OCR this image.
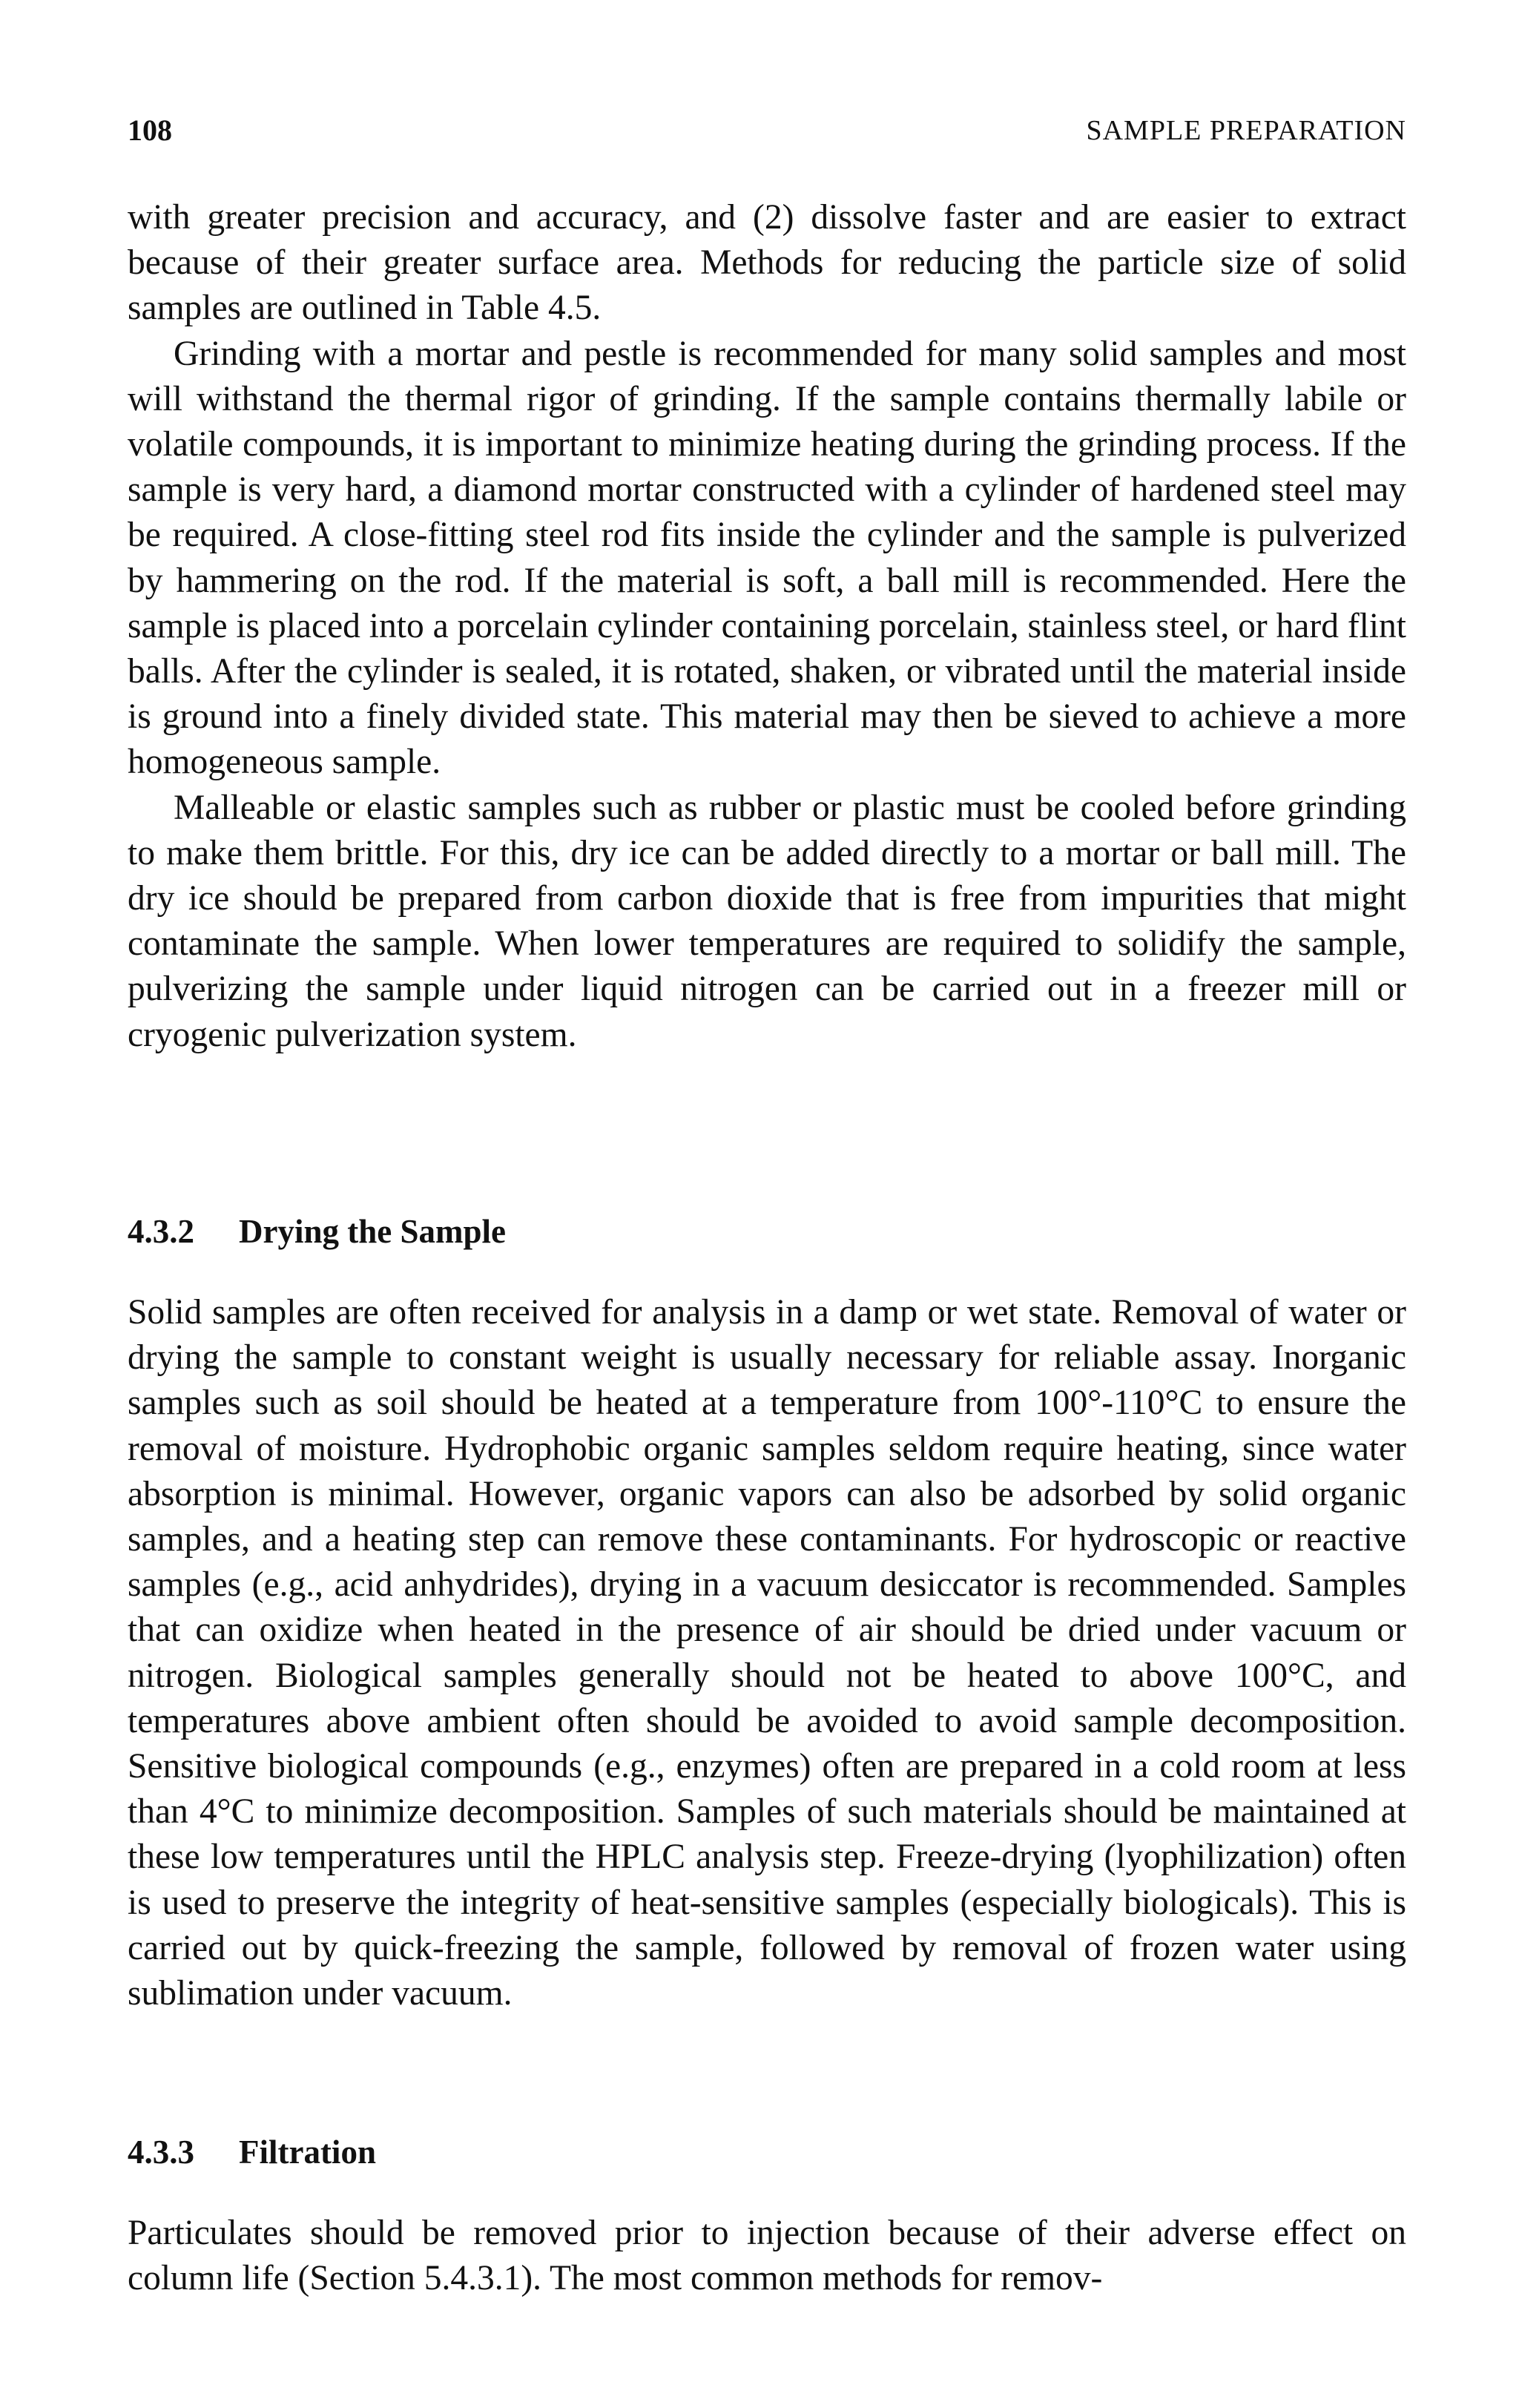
108	SAMPLE PREPARATION

with greater precision and accuracy, and (2) dissolve faster and are easier to extract because of their greater surface area. Methods for reducing the particle size of solid samples are outlined in Table 4.5.

Grinding with a mortar and pestle is recommended for many solid samples and most will withstand the thermal rigor of grinding. If the sample contains thermally labile or volatile compounds, it is important to minimize heating during the grinding process. If the sample is very hard, a diamond mortar constructed with a cylinder of hardened steel may be required. A close-fitting steel rod fits inside the cylinder and the sample is pulverized by hammering on the rod. If the material is soft, a ball mill is recommended. Here the sample is placed into a porcelain cylinder containing porcelain, stainless steel, or hard flint balls. After the cylinder is sealed, it is rotated, shaken, or vibrated until the material inside is ground into a finely divided state. This material may then be sieved to achieve a more homogeneous sample.

Malleable or elastic samples such as rubber or plastic must be cooled before grinding to make them brittle. For this, dry ice can be added directly to a mortar or ball mill. The dry ice should be prepared from carbon dioxide that is free from impurities that might contaminate the sample. When lower temperatures are required to solidify the sample, pulverizing the sample under liquid nitrogen can be carried out in a freezer mill or cryogenic pulverization system.

4.3.2 Drying the Sample

Solid samples are often received for analysis in a damp or wet state. Removal of water or drying the sample to constant weight is usually necessary for reliable assay. Inorganic samples such as soil should be heated at a temperature from 100°-110°C to ensure the removal of moisture. Hydrophobic organic samples seldom require heating, since water absorption is minimal. However, organic vapors can also be adsorbed by solid organic samples, and a heating step can remove these contaminants. For hydroscopic or reactive samples (e.g., acid anhydrides), drying in a vacuum desiccator is recommended. Samples that can oxidize when heated in the presence of air should be dried under vacuum or nitrogen. Biological samples generally should not be heated to above 100°C, and temperatures above ambient often should be avoided to avoid sample decomposition. Sensitive biological compounds (e.g., enzymes) often are prepared in a cold room at less than 4°C to minimize decomposition. Samples of such materials should be maintained at these low temperatures until the HPLC analysis step. Freeze-drying (lyophilization) often is used to preserve the integrity of heat-sensitive samples (especially biologicals). This is carried out by quick-freezing the sample, followed by removal of frozen water using sublimation under vacuum.

4.3.3 Filtration

Particulates should be removed prior to injection because of their adverse effect on column life (Section 5.4.3.1). The most common methods for remov-
